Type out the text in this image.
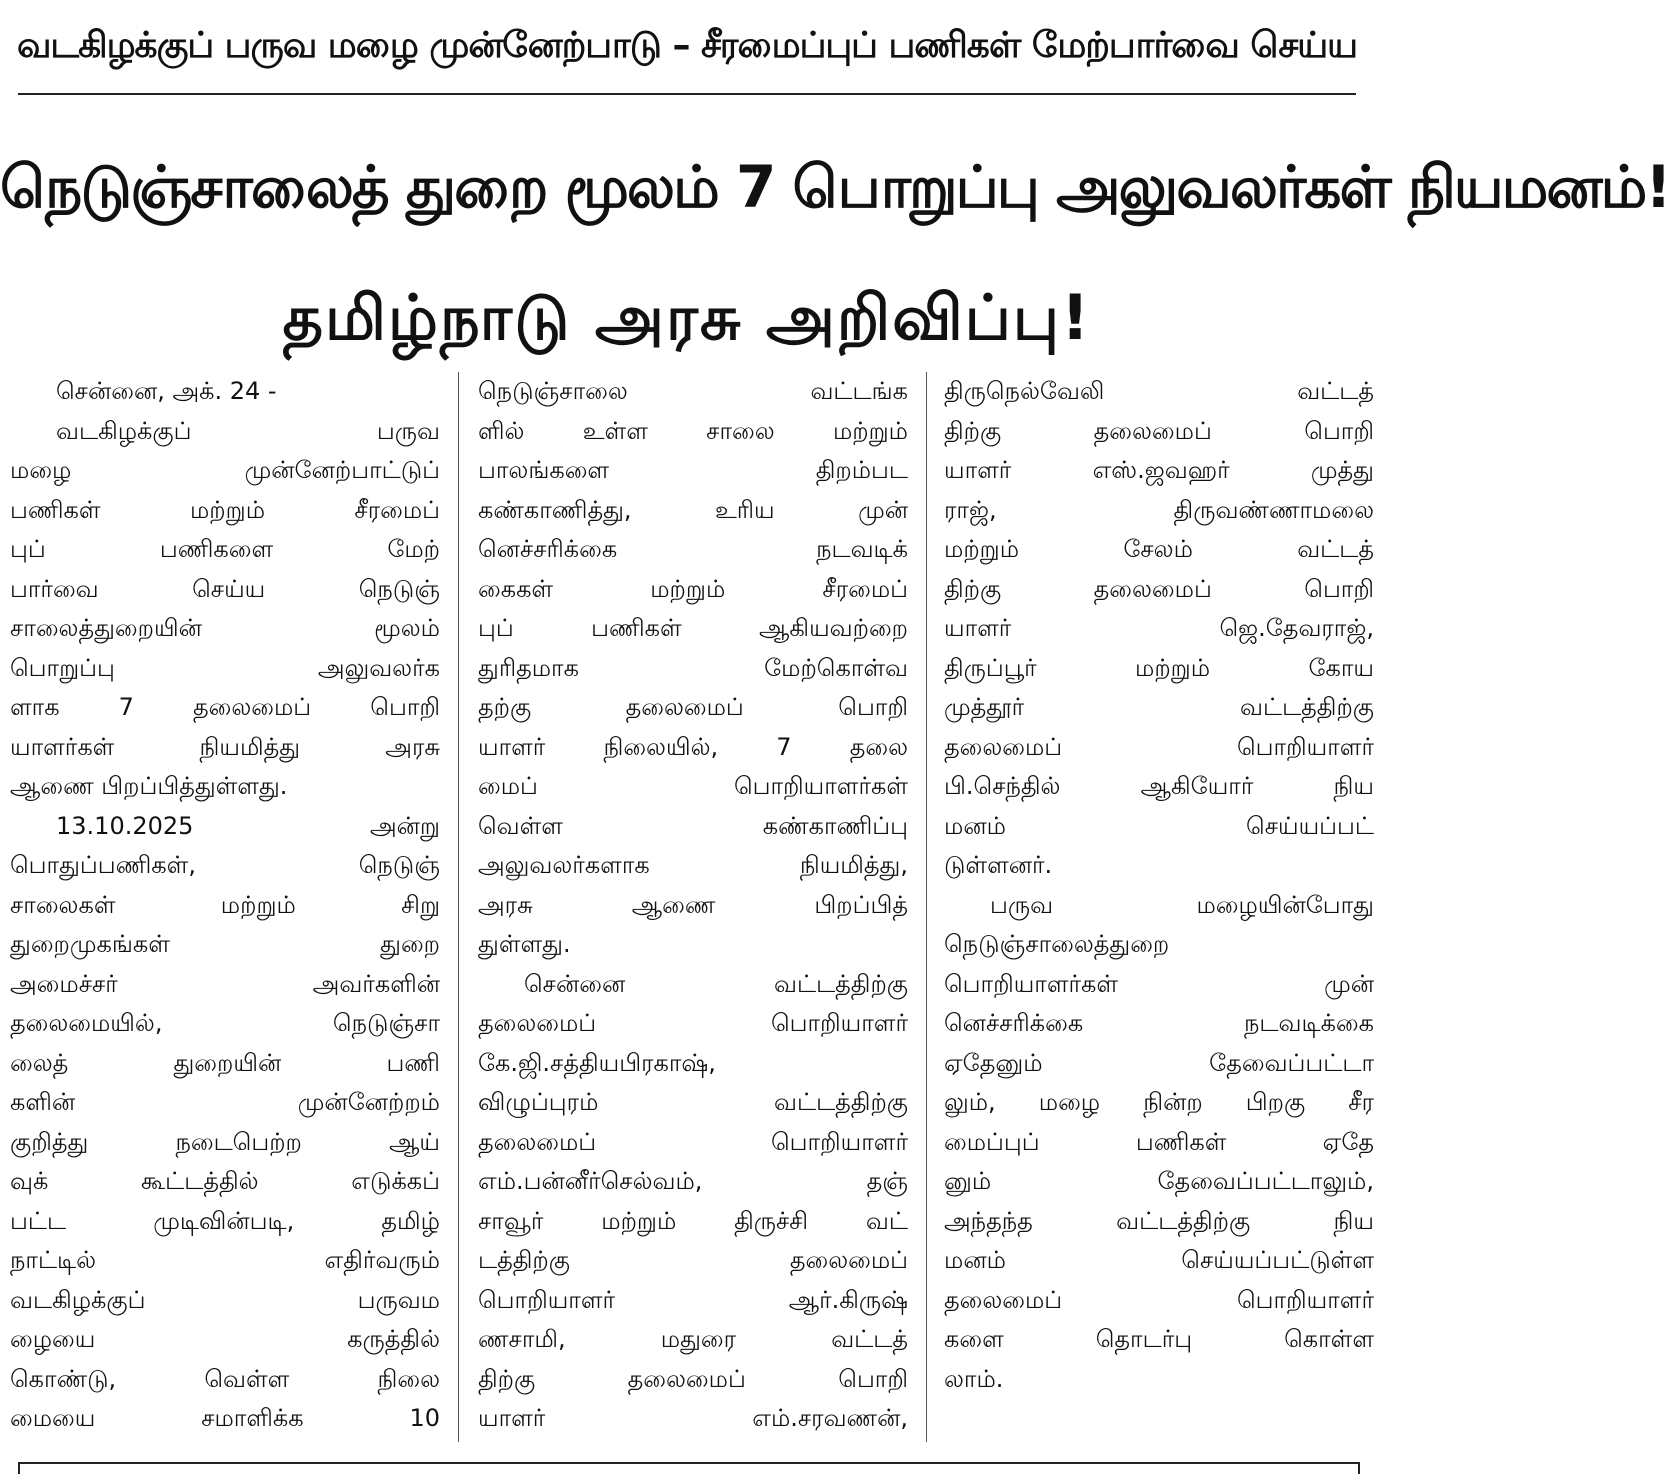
வடகிழக்குப் பருவ மழை முன்னேற்பாடு – சீரமைப்புப் பணிகள் மேற்பார்வை செய்ய
நெடுஞ்சாலைத் துறை மூலம் 7 பொறுப்பு அலுவலர்கள் நியமனம்!
தமிழ்நாடு அரசு அறிவிப்பு!
சென்னை, அக். 24 -
வடகிழக்குப் பருவ
மழை முன்னேற்பாட்டுப்
பணிகள் மற்றும் சீரமைப்
புப் பணிகளை மேற்
பார்வை செய்ய நெடுஞ்
சாலைத்துறையின் மூலம்
பொறுப்பு அலுவலர்க
ளாக 7 தலைமைப் பொறி
யாளர்கள் நியமித்து அரசு
ஆணை பிறப்பித்துள்ளது.
13.10.2025 அன்று
பொதுப்பணிகள், நெடுஞ்
சாலைகள் மற்றும் சிறு
துறைமுகங்கள் துறை
அமைச்சர் அவர்களின்
தலைமையில், நெடுஞ்சா
லைத் துறையின் பணி
களின் முன்னேற்றம்
குறித்து நடைபெற்ற ஆய்
வுக் கூட்டத்தில் எடுக்கப்
பட்ட முடிவின்படி, தமிழ்
நாட்டில் எதிர்வரும்
வடகிழக்குப் பருவம
ழையை கருத்தில்
கொண்டு, வெள்ள நிலை
மையை சமாளிக்க 10
நெடுஞ்சாலை வட்டங்க
ளில் உள்ள சாலை மற்றும்
பாலங்களை திறம்பட
கண்காணித்து, உரிய முன்
னெச்சரிக்கை நடவடிக்
கைகள் மற்றும் சீரமைப்
புப் பணிகள் ஆகியவற்றை
துரிதமாக மேற்கொள்வ
தற்கு தலைமைப் பொறி
யாளர் நிலையில், 7 தலை
மைப் பொறியாளர்கள்
வெள்ள கண்காணிப்பு
அலுவலர்களாக நியமித்து,
அரசு ஆணை பிறப்பித்
துள்ளது.
சென்னை வட்டத்திற்கு
தலைமைப் பொறியாளர்
கே.ஜி.சத்தியபிரகாஷ்,
விழுப்புரம் வட்டத்திற்கு
தலைமைப் பொறியாளர்
எம்.பன்னீர்செல்வம், தஞ்
சாவூர் மற்றும் திருச்சி வட்
டத்திற்கு தலைமைப்
பொறியாளர் ஆர்.கிருஷ்
ணசாமி, மதுரை வட்டத்
திற்கு தலைமைப் பொறி
யாளர் எம்.சரவணன்,
திருநெல்வேலி வட்டத்
திற்கு தலைமைப் பொறி
யாளர் எஸ்.ஜவஹர் முத்து
ராஜ், திருவண்ணாமலை
மற்றும் சேலம் வட்டத்
திற்கு தலைமைப் பொறி
யாளர் ஜெ.தேவராஜ்,
திருப்பூர் மற்றும் கோய
முத்தூர் வட்டத்திற்கு
தலைமைப் பொறியாளர்
பி.செந்தில் ஆகியோர் நிய
மனம் செய்யப்பட்
டுள்ளனர்.
பருவ மழையின்போது
நெடுஞ்சாலைத்துறை
பொறியாளர்கள் முன்
னெச்சரிக்கை நடவடிக்கை
ஏதேனும் தேவைப்பட்டா
லும், மழை நின்ற பிறகு சீர
மைப்புப் பணிகள் ஏதே
னும் தேவைப்பட்டாலும்,
அந்தந்த வட்டத்திற்கு நிய
மனம் செய்யப்பட்டுள்ள
தலைமைப் பொறியாளர்
களை தொடர்பு கொள்ள
லாம்.
